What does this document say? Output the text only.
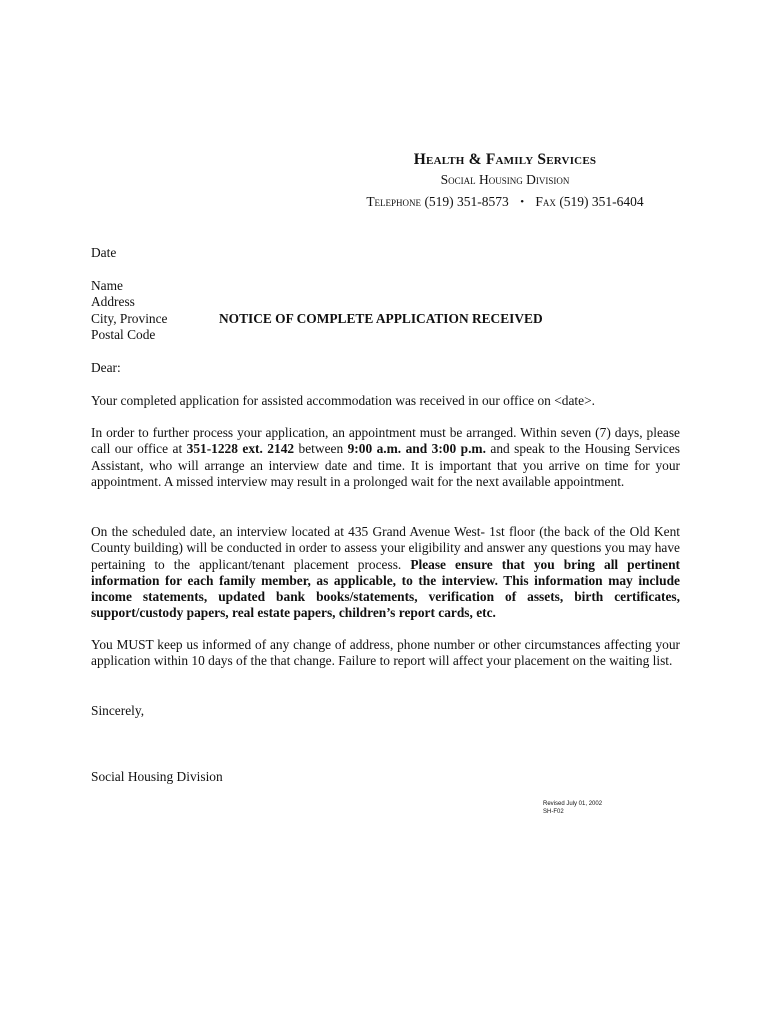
Health & Family Services
Social Housing Division
Telephone (519) 351-8573 • Fax (519) 351-6404
Date
Name
Address
City, Province
Postal Code
NOTICE OF COMPLETE APPLICATION RECEIVED
Dear:

Your completed application for assisted accommodation was received in our office on <date>.

In order to further process your application, an appointment must be arranged. Within seven (7) days, please call our office at 351-1228 ext. 2142 between 9:00 a.m. and 3:00 p.m. and speak to the Housing Services Assistant, who will arrange an interview date and time. It is important that you arrive on time for your appointment. A missed interview may result in a prolonged wait for the next available appointment.

On the scheduled date, an interview located at 435 Grand Avenue West- 1st floor (the back of the Old Kent County building) will be conducted in order to assess your eligibility and answer any questions you may have pertaining to the applicant/tenant placement process. Please ensure that you bring all pertinent information for each family member, as applicable, to the interview. This information may include income statements, updated bank books/statements, verification of assets, birth certificates, support/custody papers, real estate papers, children’s report cards, etc.

You MUST keep us informed of any change of address, phone number or other circumstances affecting your application within 10 days of the that change. Failure to report will affect your placement on the waiting list.

Sincerely,
Social Housing Division
Revised July 01, 2002
SH-F02
